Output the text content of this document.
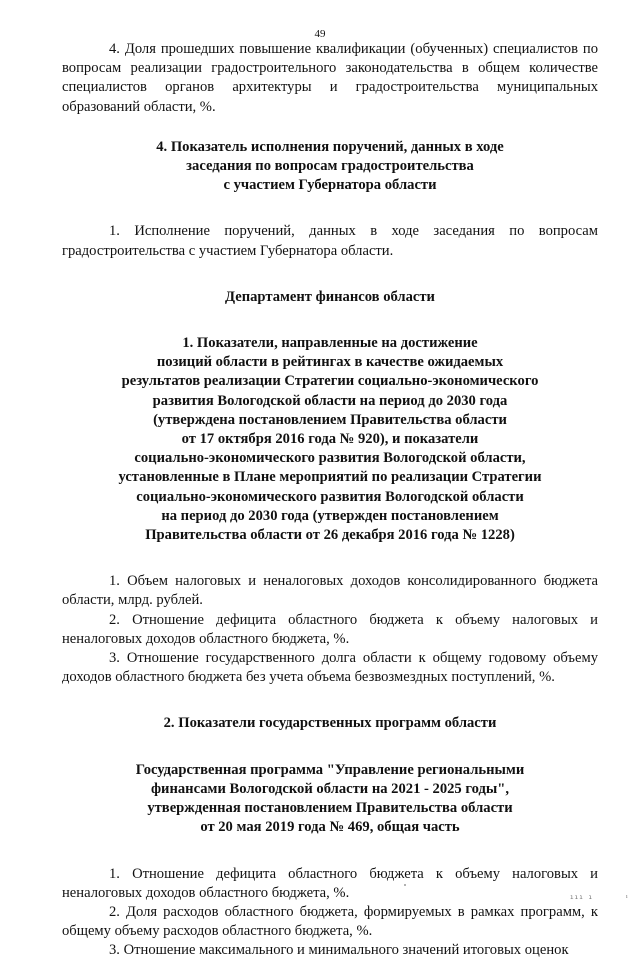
49

4. Доля прошедших повышение квалификации (обученных) специалистов по вопросам реализации градостроительного законодательства в общем количестве специалистов органов архитектуры и градостроительства муниципальных образований области, %.

4. Показатель исполнения поручений, данных в ходе
заседания по вопросам градостроительства
с участием Губернатора области

1. Исполнение поручений, данных в ходе заседания по вопросам градостроительства с участием Губернатора области.

Департамент финансов области
1. Показатели, направленные на достижение
позиций области в рейтингах в качестве ожидаемых
результатов реализации Стратегии социально-экономического
развития Вологодской области на период до 2030 года
(утверждена постановлением Правительства области
от 17 октября 2016 года № 920), и показатели
социально-экономического развития Вологодской области,
установленные в Плане мероприятий по реализации Стратегии
социально-экономического развития Вологодской области
на период до 2030 года (утвержден постановлением
Правительства области от 26 декабря 2016 года № 1228)

1. Объем налоговых и неналоговых доходов консолидированного бюджета области, млрд. рублей.

2. Отношение дефицита областного бюджета к объему налоговых и неналоговых доходов областного бюджета, %.

3. Отношение государственного долга области к общему годовому объему доходов областного бюджета без учета объема безвозмездных поступлений, %.

2. Показатели государственных программ области
Государственная программа "Управление региональными
финансами Вологодской области на 2021 - 2025 годы",
утвержденная постановлением Правительства области
от 20 мая 2019 года № 469, общая часть

1. Отношение дефицита областного бюджета к объему налоговых и неналоговых доходов областного бюджета, %.

2. Доля расходов областного бюджета, формируемых в рамках программ, к общему объему расходов областного бюджета, %.

3. Отношение максимального и минимального значений итоговых оценок

ııı ı	ı
